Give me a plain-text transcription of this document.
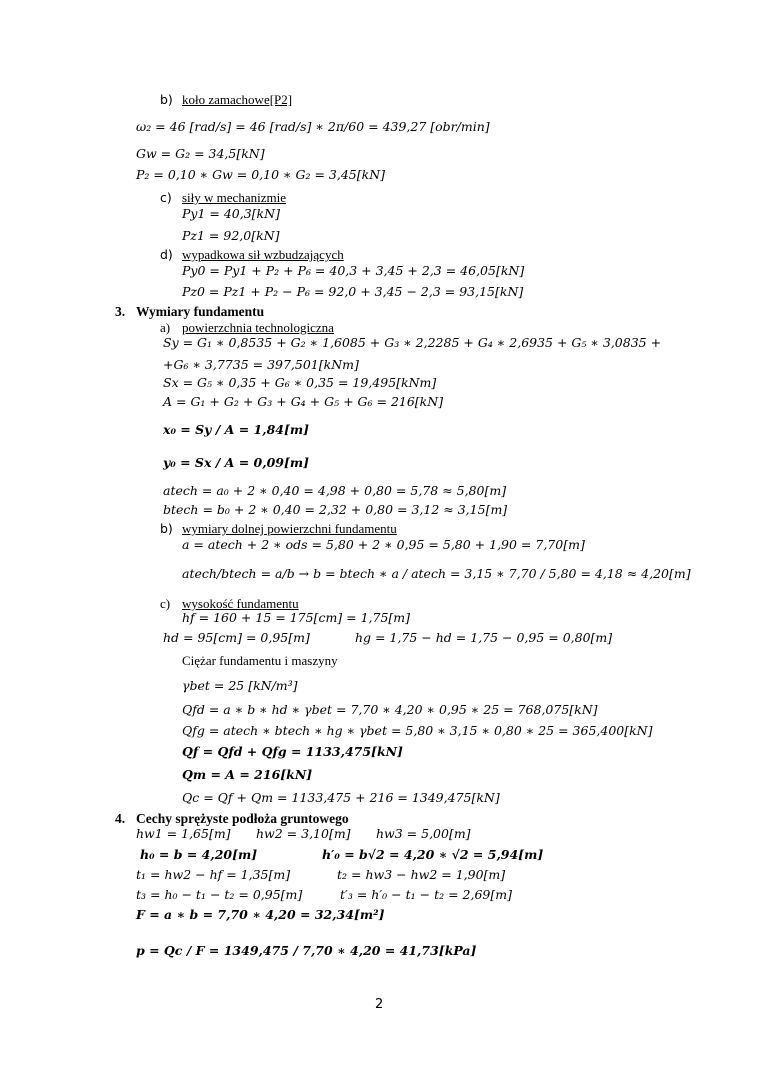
b) koło zamachowe[P2]
ω₂ = 46 [rad/s] = 46 [rad/s] ∗ 2π/60 = 439,27 [obr/min]
Gw = G₂ = 34,5[kN]
P₂ = 0,10 ∗ Gw = 0,10 ∗ G₂ = 3,45[kN]
c) siły w mechanizmie
Py1 = 40,3[kN]
Pz1 = 92,0[kN]
d) wypadkowa sił wzbudzających
Py0 = Py1 + P₂ + P₆ = 40,3 + 3,45 + 2,3 = 46,05[kN]
Pz0 = Pz1 + P₂ − P₆ = 92,0 + 3,45 − 2,3 = 93,15[kN]
3. Wymiary fundamentu
a) powierzchnia technologiczna
Sy = G₁ ∗ 0,8535 + G₂ ∗ 1,6085 + G₃ ∗ 2,2285 + G₄ ∗ 2,6935 + G₅ ∗ 3,0835 +
+G₆ ∗ 3,7735 = 397,501[kNm]
Sx = G₅ ∗ 0,35 + G₆ ∗ 0,35 = 19,495[kNm]
A = G₁ + G₂ + G₃ + G₄ + G₅ + G₆ = 216[kN]
x₀ = Sy / A = 1,84[m]
y₀ = Sx / A = 0,09[m]
atech = a₀ + 2 ∗ 0,40 = 4,98 + 0,80 = 5,78 ≈ 5,80[m]
btech = b₀ + 2 ∗ 0,40 = 2,32 + 0,80 = 3,12 ≈ 3,15[m]
b) wymiary dolnej powierzchni fundamentu
a = atech + 2 ∗ ods = 5,80 + 2 ∗ 0,95 = 5,80 + 1,90 = 7,70[m]
atech/btech = a/b → b = btech ∗ a / atech = 3,15 ∗ 7,70 / 5,80 = 4,18 ≈ 4,20[m]
c) wysokość fundamentu
hf = 160 + 15 = 175[cm] = 1,75[m]
hd = 95[cm] = 0,95[m]	hg = 1,75 − hd = 1,75 − 0,95 = 0,80[m]
Ciężar fundamentu i maszyny
γbet = 25 [kN/m³]
Qfd = a ∗ b ∗ hd ∗ γbet = 7,70 ∗ 4,20 ∗ 0,95 ∗ 25 = 768,075[kN]
Qfg = atech ∗ btech ∗ hg ∗ γbet = 5,80 ∗ 3,15 ∗ 0,80 ∗ 25 = 365,400[kN]
Qf = Qfd + Qfg = 1133,475[kN]
Qm = A = 216[kN]
Qc = Qf + Qm = 1133,475 + 216 = 1349,475[kN]
4. Cechy sprężyste podłoża gruntowego
hw1 = 1,65[m] hw2 = 3,10[m] hw3 = 5,00[m]
h₀ = b = 4,20[m]	h′₀ = b√2 = 4,20 ∗ √2 = 5,94[m]
t₁ = hw2 − hf = 1,35[m]	t₂ = hw3 − hw2 = 1,90[m]
t₃ = h₀ − t₁ − t₂ = 0,95[m]	t′₃ = h′₀ − t₁ − t₂ = 2,69[m]
F = a ∗ b = 7,70 ∗ 4,20 = 32,34[m²]
p = Qc / F = 1349,475 / 7,70 ∗ 4,20 = 41,73[kPa]
2
